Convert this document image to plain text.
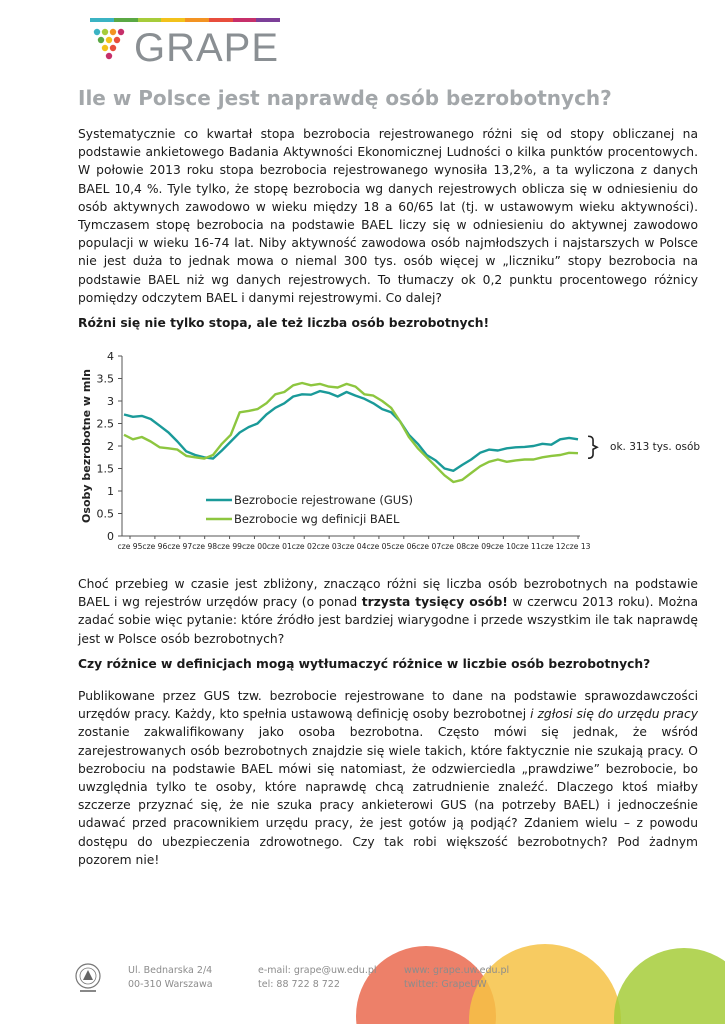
GRAPE
Ile w Polsce jest naprawdę osób bezrobotnych?

Systematycznie co kwartał stopa bezrobocia rejestrowanego różni się od stopy obliczanej na podstawie ankietowego Badania Aktywności Ekonomicznej Ludności o kilka punktów procentowych. W połowie 2013 roku stopa bezrobocia rejestrowanego wynosiła 13,2%, a ta wyliczona z danych BAEL 10,4 %. Tyle tylko, że stopę bezrobocia wg danych rejestrowych oblicza się w odniesieniu do osób aktywnych zawodowo w wieku między 18 a 60/65 lat (tj. w ustawowym wieku aktywności). Tymczasem stopę bezrobocia na podstawie BAEL liczy się w odniesieniu do aktywnej zawodowo populacji w wieku 16-74 lat. Niby aktywność zawodowa osób najmłodszych i najstarszych w Polsce nie jest duża to jednak mowa o niemal 300 tys. osób więcej w „liczniku” stopy bezrobocia na podstawie BAEL niż wg danych rejestrowych. To tłumaczy ok 0,2 punktu procentowego różnicy pomiędzy odczytem BAEL i danymi rejestrowymi. Co dalej?

Różni się nie tylko stopa, ale też liczba osób bezrobotnych!

0
0.5
1
1.5
2
2.5
3
3.5
4
Osoby bezrobotne w mln
cze 95 cze 96 cze 97 cze 98 cze 99 cze 00 cze 01 cze 02 cze 03 cze 04 cze 05 cze 06 cze 07 cze 08 cze 09 cze 10 cze 11 cze 12 cze 13
ok. 313 tys. osób
Bezrobocie rejestrowane (GUS)
Bezrobocie wg definicji BAEL

Choć przebieg w czasie jest zbliżony, znacząco różni się liczba osób bezrobotnych na podstawie BAEL i wg rejestrów urzędów pracy (o ponad trzysta tysięcy osób! w czerwcu 2013 roku). Można zadać sobie więc pytanie: które źródło jest bardziej wiarygodne i przede wszystkim ile tak naprawdę jest w Polsce osób bezrobotnych?

Czy różnice w definicjach mogą wytłumaczyć różnice w liczbie osób bezrobotnych?

Publikowane przez GUS tzw. bezrobocie rejestrowane to dane na podstawie sprawozdawczości urzędów pracy. Każdy, kto spełnia ustawową definicję osoby bezrobotnej i zgłosi się do urzędu pracy zostanie zakwalifikowany jako osoba bezrobotna. Często mówi się jednak, że wśród zarejestrowanych osób bezrobotnych znajdzie się wiele takich, które faktycznie nie szukają pracy. O bezrobociu na podstawie BAEL mówi się natomiast, że odzwierciedla „prawdziwe” bezrobocie, bo uwzględnia tylko te osoby, które naprawdę chcą zatrudnienie znaleźć. Dlaczego ktoś miałby szczerze przyznać się, że nie szuka pracy ankieterowi GUS (na potrzeby BAEL) i jednocześnie udawać przed pracownikiem urzędu pracy, że jest gotów ją podjąć? Zdaniem wielu – z powodu dostępu do ubezpieczenia zdrowotnego. Czy tak robi większość bezrobotnych? Pod żadnym pozorem nie!

Ul. Bednarska 2/4
00-310 Warszawa
e-mail: grape@uw.edu.pl
tel: 88 722 8 722
www: grape.uw.edu.pl
twitter: GrapeUW
